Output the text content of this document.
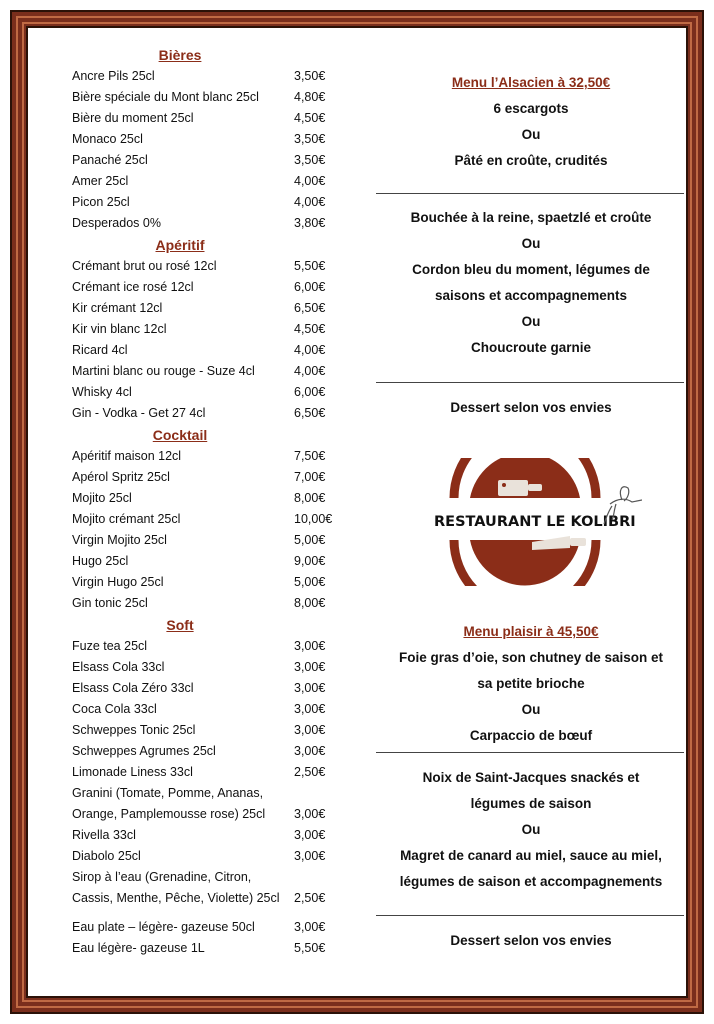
Bières
Ancre Pils 25cl	3,50€
Bière spéciale du Mont blanc 25cl	4,80€
Bière du moment 25cl	4,50€
Monaco 25cl	3,50€
Panaché 25cl	3,50€
Amer 25cl	4,00€
Picon 25cl	4,00€
Desperados 0%	3,80€
Apéritif
Crémant brut ou rosé 12cl	5,50€
Crémant ice rosé 12cl	6,00€
Kir crémant 12cl	6,50€
Kir vin blanc 12cl	4,50€
Ricard 4cl	4,00€
Martini blanc ou rouge - Suze 4cl	4,00€
Whisky 4cl	6,00€
Gin - Vodka - Get 27 4cl	6,50€
Cocktail
Apéritif maison 12cl	7,50€
Apérol Spritz 25cl	7,00€
Mojito 25cl	8,00€
Mojito crémant 25cl	10,00€
Virgin Mojito 25cl	5,00€
Hugo 25cl	9,00€
Virgin Hugo 25cl	5,00€
Gin tonic 25cl	8,00€
Soft
Fuze tea 25cl	3,00€
Elsass Cola 33cl	3,00€
Elsass Cola Zéro 33cl	3,00€
Coca Cola 33cl	3,00€
Schweppes Tonic 25cl	3,00€
Schweppes Agrumes 25cl	3,00€
Limonade Liness 33cl	2,50€
Granini (Tomate, Pomme, Ananas, Orange, Pamplemousse rose) 25cl	3,00€
Rivella 33cl	3,00€
Diabolo 25cl	3,00€
Sirop à l’eau (Grenadine, Citron, Cassis, Menthe, Pêche, Violette) 25cl	2,50€
Eau plate – légère- gazeuse 50cl	3,00€
Eau légère- gazeuse 1L	5,50€
Menu l’Alsacien à 32,50€
6 escargots
Ou
Pâté en croûte, crudités
Bouchée à la reine, spaetzlé et croûte
Ou
Cordon bleu du moment, légumes de
saisons et accompagnements
Ou
Choucroute garnie
Dessert selon vos envies
RESTAURANT LE KOLIBRI
Menu plaisir à 45,50€
Foie gras d’oie, son chutney de saison et
sa petite brioche
Ou
Carpaccio de bœuf
Noix de Saint-Jacques snackés et
légumes de saison
Ou
Magret de canard au miel, sauce au miel,
légumes de saison et accompagnements
Dessert selon vos envies
